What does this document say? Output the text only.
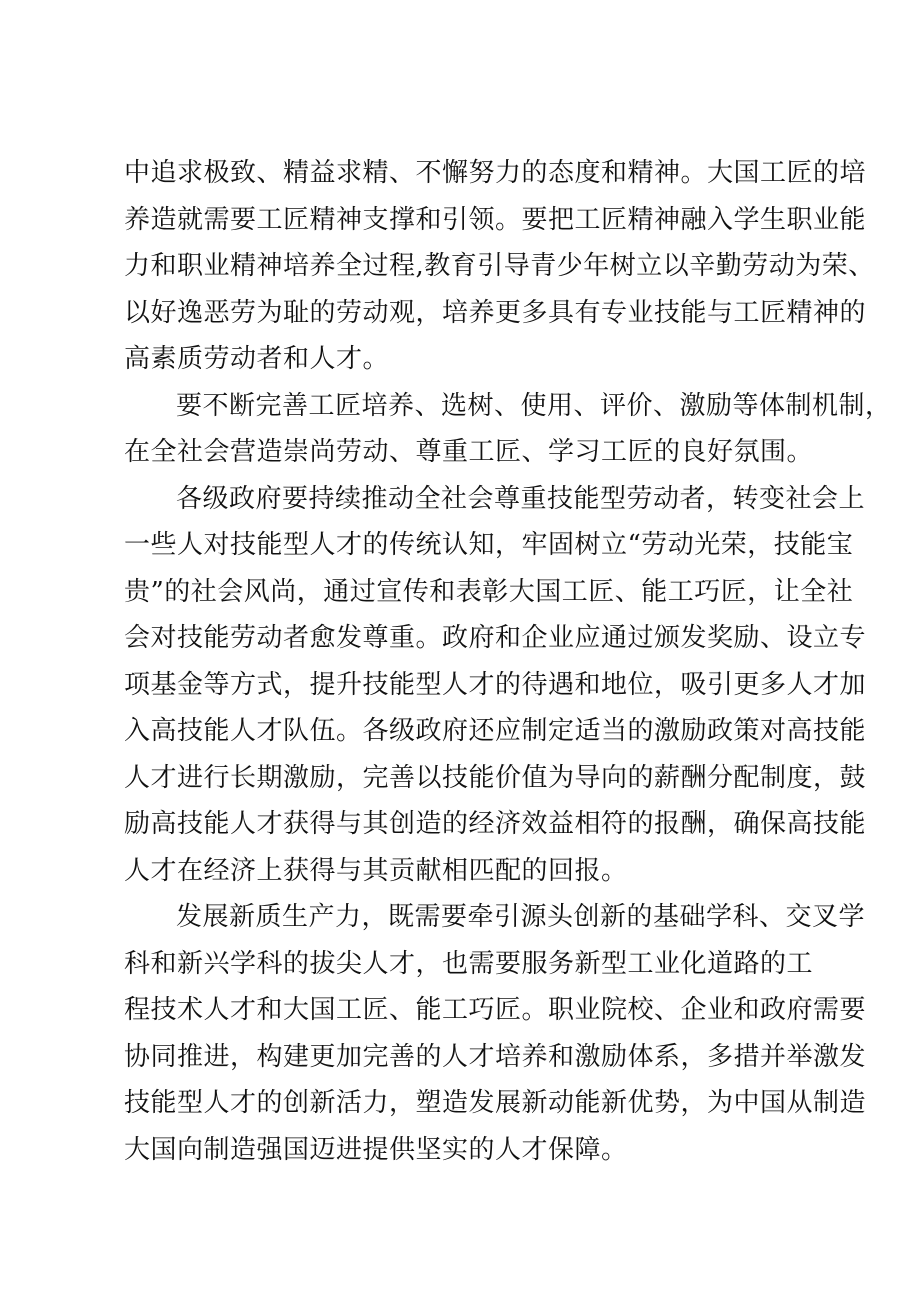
中追求极致、精益求精、不懈努力的态度和精神。大国工匠的培
养造就需要工匠精神支撑和引领。要把工匠精神融入学生职业能
力和职业精神培养全过程,教育引导青少年树立以辛勤劳动为荣、
以好逸恶劳为耻的劳动观，培养更多具有专业技能与工匠精神的
高素质劳动者和人才。
要不断完善工匠培养、选树、使用、评价、激励等体制机制，
在全社会营造崇尚劳动、尊重工匠、学习工匠的良好氛围。
各级政府要持续推动全社会尊重技能型劳动者，转变社会上
一些人对技能型人才的传统认知，牢固树立“劳动光荣，技能宝
贵”的社会风尚，通过宣传和表彰大国工匠、能工巧匠，让全社
会对技能劳动者愈发尊重。政府和企业应通过颁发奖励、设立专
项基金等方式，提升技能型人才的待遇和地位，吸引更多人才加
入高技能人才队伍。各级政府还应制定适当的激励政策对高技能
人才进行长期激励，完善以技能价值为导向的薪酬分配制度，鼓
励高技能人才获得与其创造的经济效益相符的报酬，确保高技能
人才在经济上获得与其贡献相匹配的回报。
发展新质生产力，既需要牵引源头创新的基础学科、交叉学
科和新兴学科的拔尖人才，也需要服务新型工业化道路的工
程技术人才和大国工匠、能工巧匠。职业院校、企业和政府需要
协同推进，构建更加完善的人才培养和激励体系，多措并举激发
技能型人才的创新活力，塑造发展新动能新优势，为中国从制造
大国向制造强国迈进提供坚实的人才保障。
